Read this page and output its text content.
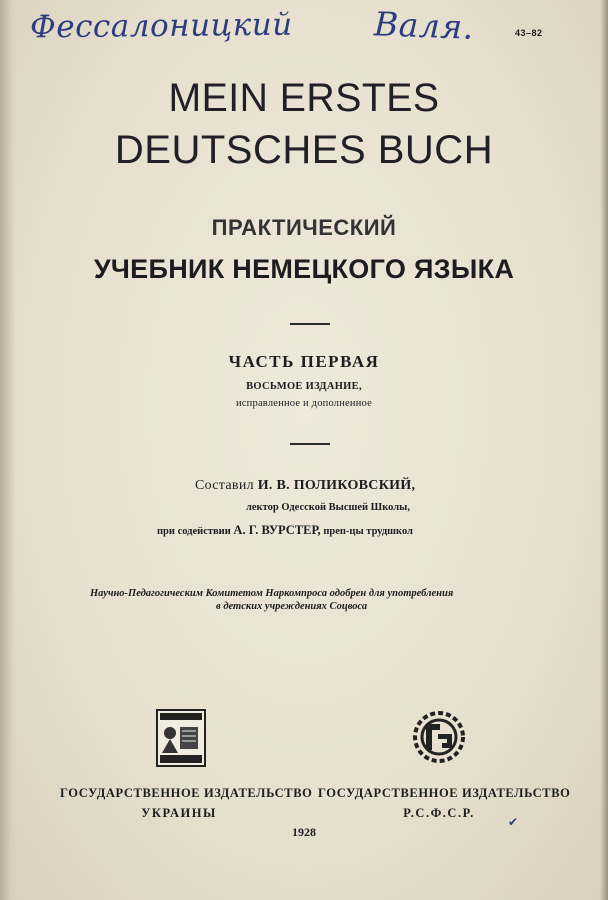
Фессалоницкий Валя.	43–82
MEIN ERSTES
DEUTSCHES BUCH
ПРАКТИЧЕСКИЙ
УЧЕБНИК НЕМЕЦКОГО ЯЗЫКА
ЧАСТЬ ПЕРВАЯ
ВОСЬМОЕ ИЗДАНИЕ,
исправленное и дополненное
Составил И. В. ПОЛИКОВСКИЙ,
лектор Одесской Высшей Школы,
при содействии А. Г. ВУРСТЕР, преп-цы трудшкол
Научно-Педагогическим Комитетом Наркомпроса одобрен для употребления
в детских учреждениях Соцвоса
ГОСУДАРСТВЕННОЕ ИЗДАТЕЛЬСТВО
УКРАИНЫ
ГОСУДАРСТВЕННОЕ ИЗДАТЕЛЬСТВО
Р.С.Ф.С.Р.
1928
✔
